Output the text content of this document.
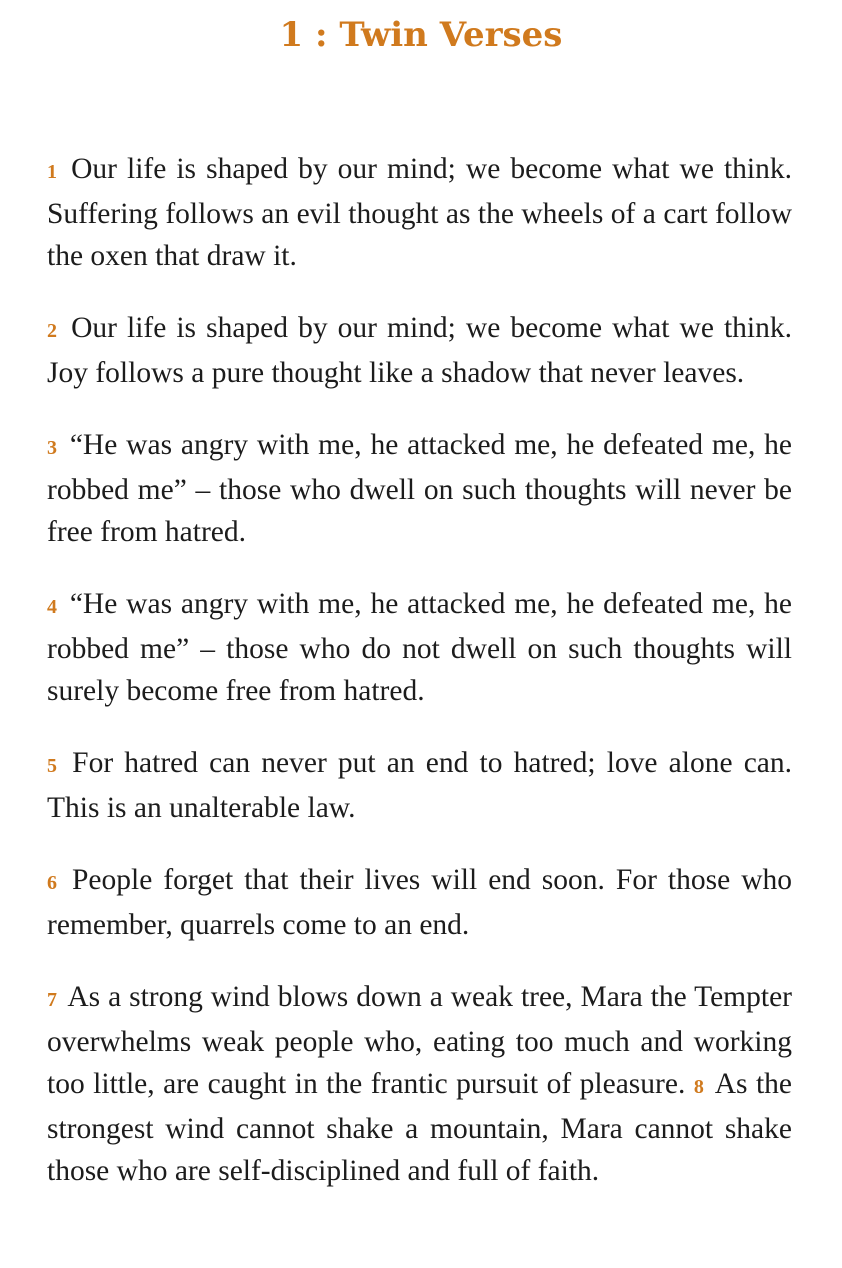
1 : Twin Verses

1 Our life is shaped by our mind; we become what we think. Suffering follows an evil thought as the wheels of a cart follow the oxen that draw it.

2 Our life is shaped by our mind; we become what we think. Joy follows a pure thought like a shadow that never leaves.

3 “He was angry with me, he attacked me, he defeated me, he robbed me” – those who dwell on such thoughts will never be free from hatred.

4 “He was angry with me, he attacked me, he defeated me, he robbed me” – those who do not dwell on such thoughts will surely become free from hatred.

5 For hatred can never put an end to hatred; love alone can. This is an unalterable law.

6 People forget that their lives will end soon. For those who remember, quarrels come to an end.

7 As a strong wind blows down a weak tree, Mara the Tempter overwhelms weak people who, eating too much and working too little, are caught in the frantic pursuit of pleasure. 8 As the strongest wind cannot shake a mountain, Mara cannot shake those who are self-disciplined and full of faith.
